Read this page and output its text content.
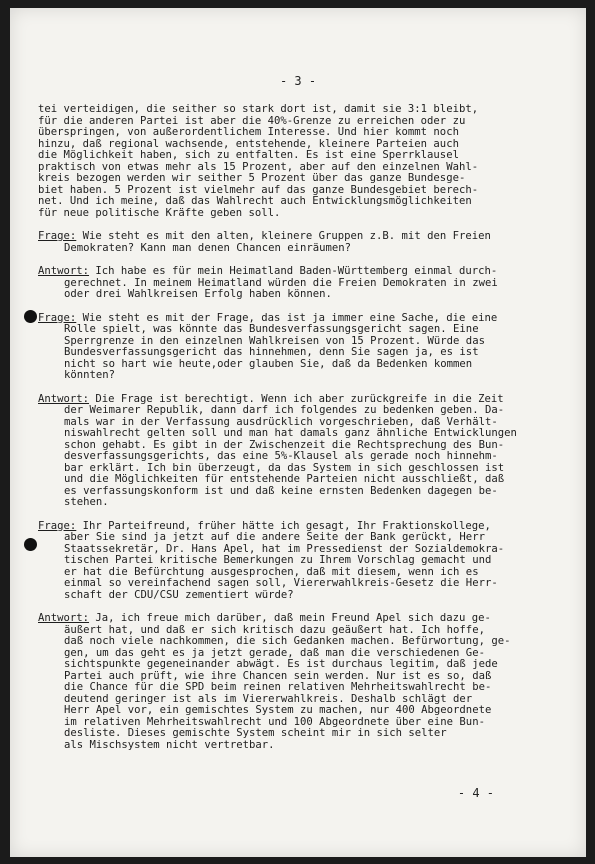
- 3 -
tei verteidigen, die seither so stark dort ist, damit sie 3:1 bleibt,
für die anderen Partei ist aber die 40%-Grenze zu erreichen oder zu
überspringen, von außerordentlichem Interesse. Und hier kommt noch
hinzu, daß regional wachsende, entstehende, kleinere Parteien auch
die Möglichkeit haben, sich zu entfalten. Es ist eine Sperrklausel
praktisch von etwas mehr als 15 Prozent, aber auf den einzelnen Wahl-
kreis bezogen werden wir seither 5 Prozent über das ganze Bundesge-
biet haben. 5 Prozent ist vielmehr auf das ganze Bundesgebiet berech-
net. Und ich meine, daß das Wahlrecht auch Entwicklungsmöglichkeiten
für neue politische Kräfte geben soll.
Frage: Wie steht es mit den alten, kleinere Gruppen z.B. mit den Freien
Demokraten? Kann man denen Chancen einräumen?
Antwort: Ich habe es für mein Heimatland Baden-Württemberg einmal durch-
gerechnet. In meinem Heimatland würden die Freien Demokraten in zwei
oder drei Wahlkreisen Erfolg haben können.
Frage: Wie steht es mit der Frage, das ist ja immer eine Sache, die eine
Rolle spielt, was könnte das Bundesverfassungsgericht sagen. Eine
Sperrgrenze in den einzelnen Wahlkreisen von 15 Prozent. Würde das
Bundesverfassungsgericht das hinnehmen, denn Sie sagen ja, es ist
nicht so hart wie heute,oder glauben Sie, daß da Bedenken kommen
könnten?
Antwort: Die Frage ist berechtigt. Wenn ich aber zurückgreife in die Zeit
der Weimarer Republik, dann darf ich folgendes zu bedenken geben. Da-
mals war in der Verfassung ausdrücklich vorgeschrieben, daß Verhält-
niswahlrecht gelten soll und man hat damals ganz ähnliche Entwicklungen
schon gehabt. Es gibt in der Zwischenzeit die Rechtsprechung des Bun-
desverfassungsgerichts, das eine 5%-Klausel als gerade noch hinnehm-
bar erklärt. Ich bin überzeugt, da das System in sich geschlossen ist
und die Möglichkeiten für entstehende Parteien nicht ausschließt, daß
es verfassungskonform ist und daß keine ernsten Bedenken dagegen be-
stehen.
Frage: Ihr Parteifreund, früher hätte ich gesagt, Ihr Fraktionskollege,
aber Sie sind ja jetzt auf die andere Seite der Bank gerückt, Herr
Staatssekretär, Dr. Hans Apel, hat im Pressedienst der Sozialdemokra-
tischen Partei kritische Bemerkungen zu Ihrem Vorschlag gemacht und
er hat die Befürchtung ausgesprochen, daß mit diesem, wenn ich es
einmal so vereinfachend sagen soll, Viererwahlkreis-Gesetz die Herr-
schaft der CDU/CSU zementiert würde?
Antwort: Ja, ich freue mich darüber, daß mein Freund Apel sich dazu ge-
äußert hat, und daß er sich kritisch dazu geäußert hat. Ich hoffe,
daß noch viele nachkommen, die sich Gedanken machen. Befürwortung, ge-
gen, um das geht es ja jetzt gerade, daß man die verschiedenen Ge-
sichtspunkte gegeneinander abwägt. Es ist durchaus legitim, daß jede
Partei auch prüft, wie ihre Chancen sein werden. Nur ist es so, daß
die Chance für die SPD beim reinen relativen Mehrheitswahlrecht be-
deutend geringer ist als im Viererwahlkreis. Deshalb schlägt der
Herr Apel vor, ein gemischtes System zu machen, nur 400 Abgeordnete
im relativen Mehrheitswahlrecht und 100 Abgeordnete über eine Bun-
desliste. Dieses gemischte System scheint mir in sich selter
als Mischsystem nicht vertretbar.
- 4 -
